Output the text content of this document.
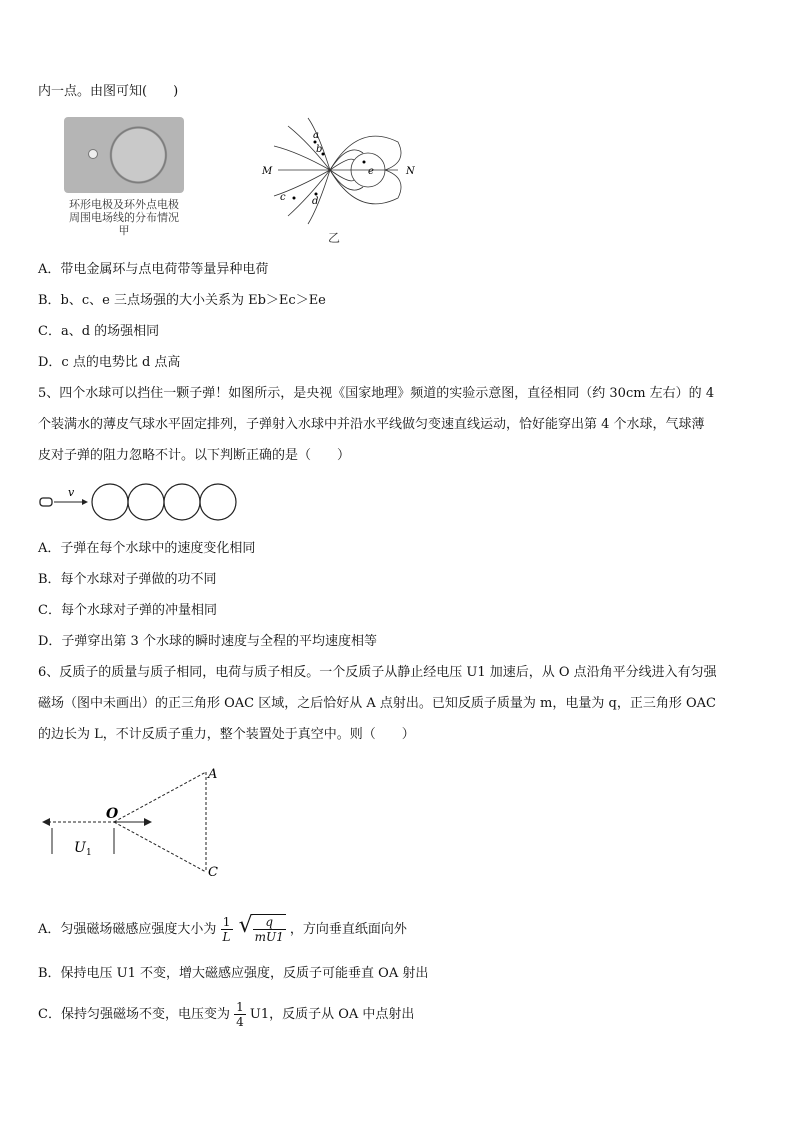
内一点。由图可知(　　)
环形电极及环外点电极
周围电场线的分布情况
甲
M	N
a
b
c	d
e
乙
A．带电金属环与点电荷带等量异种电荷
B．b、c、e 三点场强的大小关系为 Eb＞Ec＞Ee
C．a、d 的场强相同
D．c 点的电势比 d 点高
5、四个水球可以挡住一颗子弹！如图所示，是央视《国家地理》频道的实验示意图，直径相同（约 30cm 左右）的 4
个装满水的薄皮气球水平固定排列，子弹射入水球中并沿水平线做匀变速直线运动，恰好能穿出第 4 个水球，气球薄
皮对子弹的阻力忽略不计。以下判断正确的是（　　）
v
A．子弹在每个水球中的速度变化相同
B．每个水球对子弹做的功不同
C．每个水球对子弹的冲量相同
D．子弹穿出第 3 个水球的瞬时速度与全程的平均速度相等
6、反质子的质量与质子相同，电荷与质子相反。一个反质子从静止经电压 U1 加速后，从 O 点沿角平分线进入有匀强
磁场（图中未画出）的正三角形 OAC 区域，之后恰好从 A 点射出。已知反质子质量为 m，电量为 q，正三角形 OAC
的边长为 L，不计反质子重力，整个装置处于真空中。则（　　）
O
A
C
U 1
A．匀强磁场磁感应强度大小为 $\frac{1}{L}$

√ $\frac{q}{mU1}$ ，方向垂直纸面向外
B．保持电压 U1 不变，增大磁感应强度，反质子可能垂直 OA 射出
C．保持匀强磁场不变，电压变为 $\frac{1}{4} U1$，反质子从 OA 中点射出
